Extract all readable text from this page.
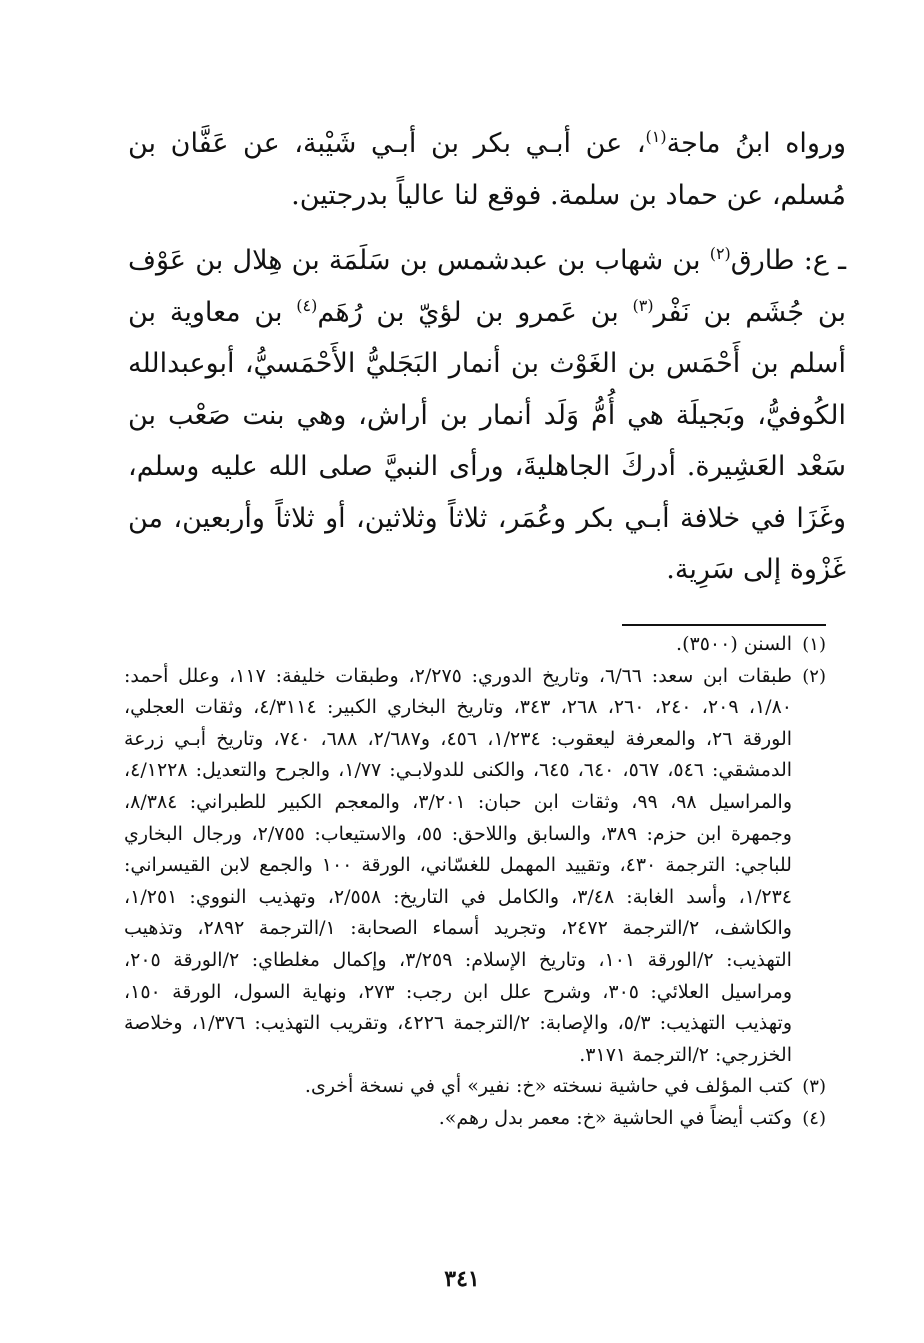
ورواه ابنُ ماجة$^{(١)}$، عن أبـي بكر بن أبـي شَيْبة، عن عَفَّان بن مُسلم، عن حماد بن سلمة. فوقع لنا عالياً بدرجتين.

ـ ع: طارق$^{(٢)}$ بن شهاب بن عبدشمس بن سَلَمَة بن هِلال بن عَوْف بن جُشَم بن نَفْر$^{(٣)}$ بن عَمرو بن لؤيّ بن رُهَم$^{(٤)}$ بن معاوية بن أسلم بن أَحْمَس بن الغَوْث بن أنمار البَجَليُّ الأَحْمَسيُّ، أبوعبدالله الكُوفيُّ، وبَجيلَة هي أُمُّ وَلَد أنمار بن أراش، وهي بنت صَعْب بن سَعْد العَشِيرة. أدركَ الجاهليةَ، ورأى النبيَّ صلى الله عليه وسلم، وغَزَا في خلافة أبـي بكر وعُمَر، ثلاثاً وثلاثين، أو ثلاثاً وأربعين، من غَزْوة إلى سَرِية.

(١)
السنن (٣٥٠٠).
(٢)
طبقات ابن سعد: ٦/٦٦، وتاريخ الدوري: ٢/٢٧٥، وطبقات خليفة: ١١٧، وعلل أحمد: ١/٨٠، ٢٠٩، ٢٤٠، ٢٦٠، ٢٦٨، ٣٤٣، وتاريخ البخاري الكبير: ٤/٣١١٤، وثقات العجلي، الورقة ٢٦، والمعرفة ليعقوب: ١/٢٣٤، ٤٥٦، و٢/٦٨٧، ٦٨٨، ٧٤٠، وتاريخ أبـي زرعة الدمشقي: ٥٤٦، ٥٦٧، ٦٤٠، ٦٤٥، والكنى للدولابـي: ١/٧٧، والجرح والتعديل: ٤/١٢٢٨، والمراسيل ٩٨، ٩٩، وثقات ابن حبان: ٣/٢٠١، والمعجم الكبير للطبراني: ٨/٣٨٤، وجمهرة ابن حزم: ٣٨٩، والسابق واللاحق: ٥٥، والاستيعاب: ٢/٧٥٥، ورجال البخاري للباجي: الترجمة ٤٣٠، وتقييد المهمل للغسّاني، الورقة ١٠٠ والجمع لابن القيسراني: ١/٢٣٤، وأسد الغابة: ٣/٤٨، والكامل في التاريخ: ٢/٥٥٨، وتهذيب النووي: ١/٢٥١، والكاشف، ٢/الترجمة ٢٤٧٢، وتجريد أسماء الصحابة: ١/الترجمة ٢٨٩٢، وتذهيب التهذيب: ٢/الورقة ١٠١، وتاريخ الإسلام: ٣/٢٥٩، وإكمال مغلطاي: ٢/الورقة ٢٠٥، ومراسيل العلائي: ٣٠٥، وشرح علل ابن رجب: ٢٧٣، ونهاية السول، الورقة ١٥٠، وتهذيب التهذيب: ٥/٣، والإصابة: ٢/الترجمة ٤٢٢٦، وتقريب التهذيب: ١/٣٧٦، وخلاصة الخزرجي: ٢/الترجمة ٣١٧١.
(٣)
كتب المؤلف في حاشية نسخته «خ: نفير» أي في نسخة أخرى.
(٤)
وكتب أيضاً في الحاشية «خ: معمر بدل رهم».
٣٤١
